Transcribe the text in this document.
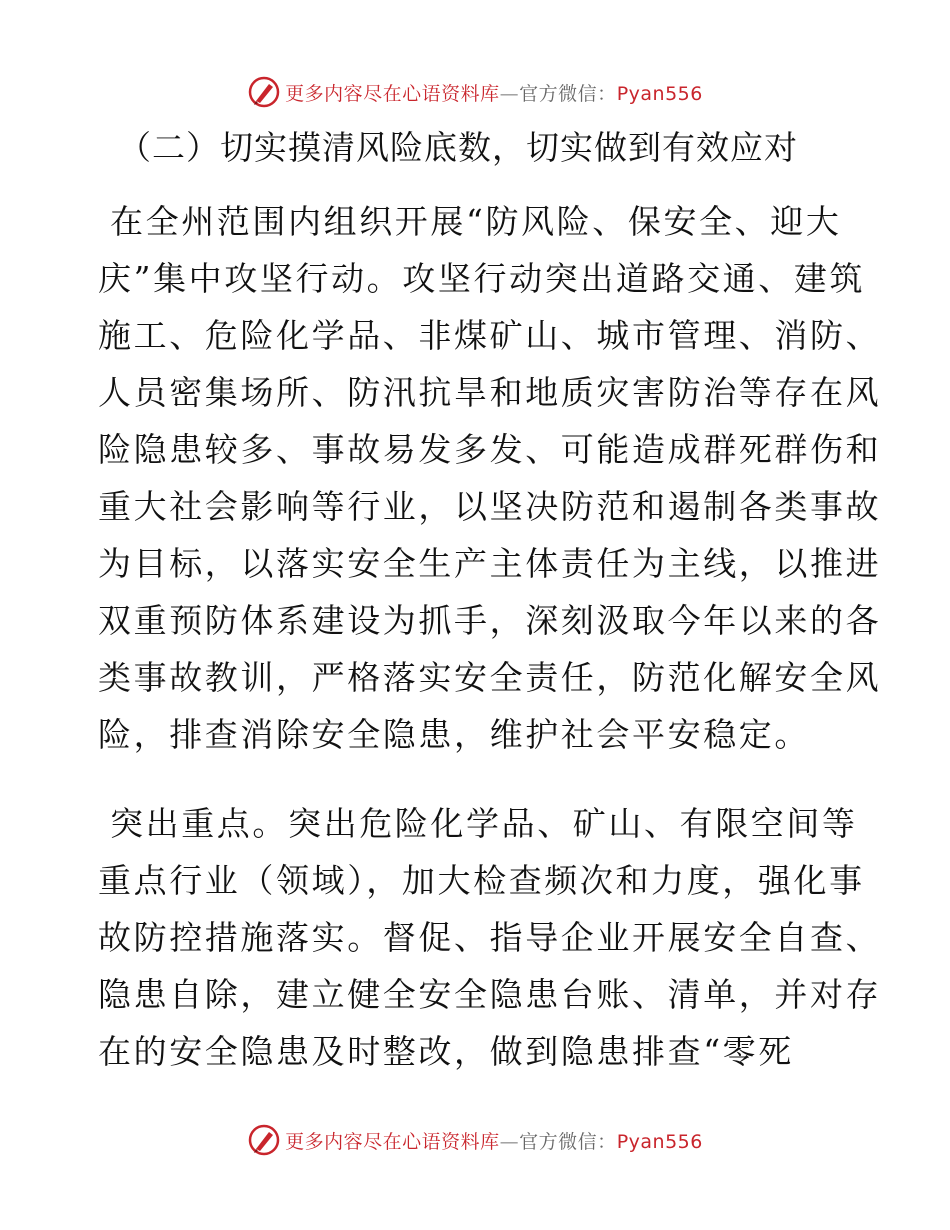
更多内容尽在心语资料库—官方微信：Pyan556
（二）切实摸清风险底数，切实做到有效应对
在全州范围内组织开展“防风险、保安全、迎大
庆”集中攻坚行动。攻坚行动突出道路交通、建筑
施工、危险化学品、非煤矿山、城市管理、消防、
人员密集场所、防汛抗旱和地质灾害防治等存在风
险隐患较多、事故易发多发、可能造成群死群伤和
重大社会影响等行业，以坚决防范和遏制各类事故
为目标，以落实安全生产主体责任为主线，以推进
双重预防体系建设为抓手，深刻汲取今年以来的各
类事故教训，严格落实安全责任，防范化解安全风
险，排查消除安全隐患，维护社会平安稳定。
突出重点。突出危险化学品、矿山、有限空间等
重点行业（领域），加大检查频次和力度，强化事
故防控措施落实。督促、指导企业开展安全自查、
隐患自除，建立健全安全隐患台账、清单，并对存
在的安全隐患及时整改，做到隐患排查“零死
更多内容尽在心语资料库—官方微信：Pyan556
